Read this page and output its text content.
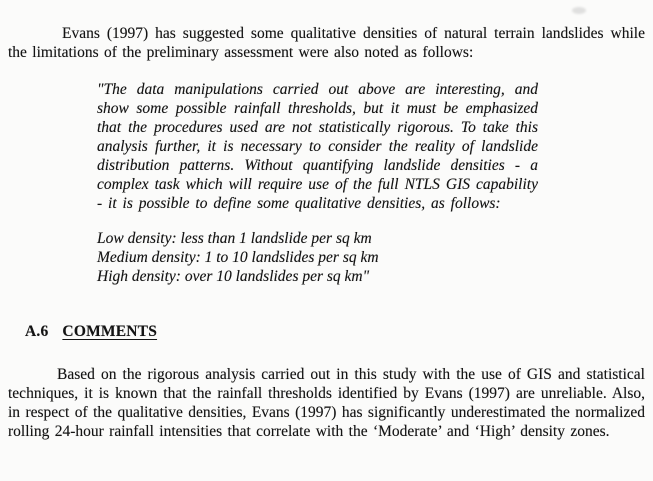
Evans (1997) has suggested some qualitative densities of natural terrain landslides while the limitations of the preliminary assessment were also noted as follows:

"The data manipulations carried out above are interesting, and show some possible rainfall thresholds, but it must be emphasized that the procedures used are not statistically rigorous. To take this analysis further, it is necessary to consider the reality of landslide distribution patterns. Without quantifying landslide densities - a complex task which will require use of the full NTLS GIS capability - it is possible to define some qualitative densities, as follows:

Low density: less than 1 landslide per sq km
Medium density: 1 to 10 landslides per sq km
High density: over 10 landslides per sq km"
A.6 COMMENTS

Based on the rigorous analysis carried out in this study with the use of GIS and statistical techniques, it is known that the rainfall thresholds identified by Evans (1997) are unreliable. Also, in respect of the qualitative densities, Evans (1997) has significantly underestimated the normalized rolling 24-hour rainfall intensities that correlate with the ‘Moderate’ and ‘High’ density zones.
